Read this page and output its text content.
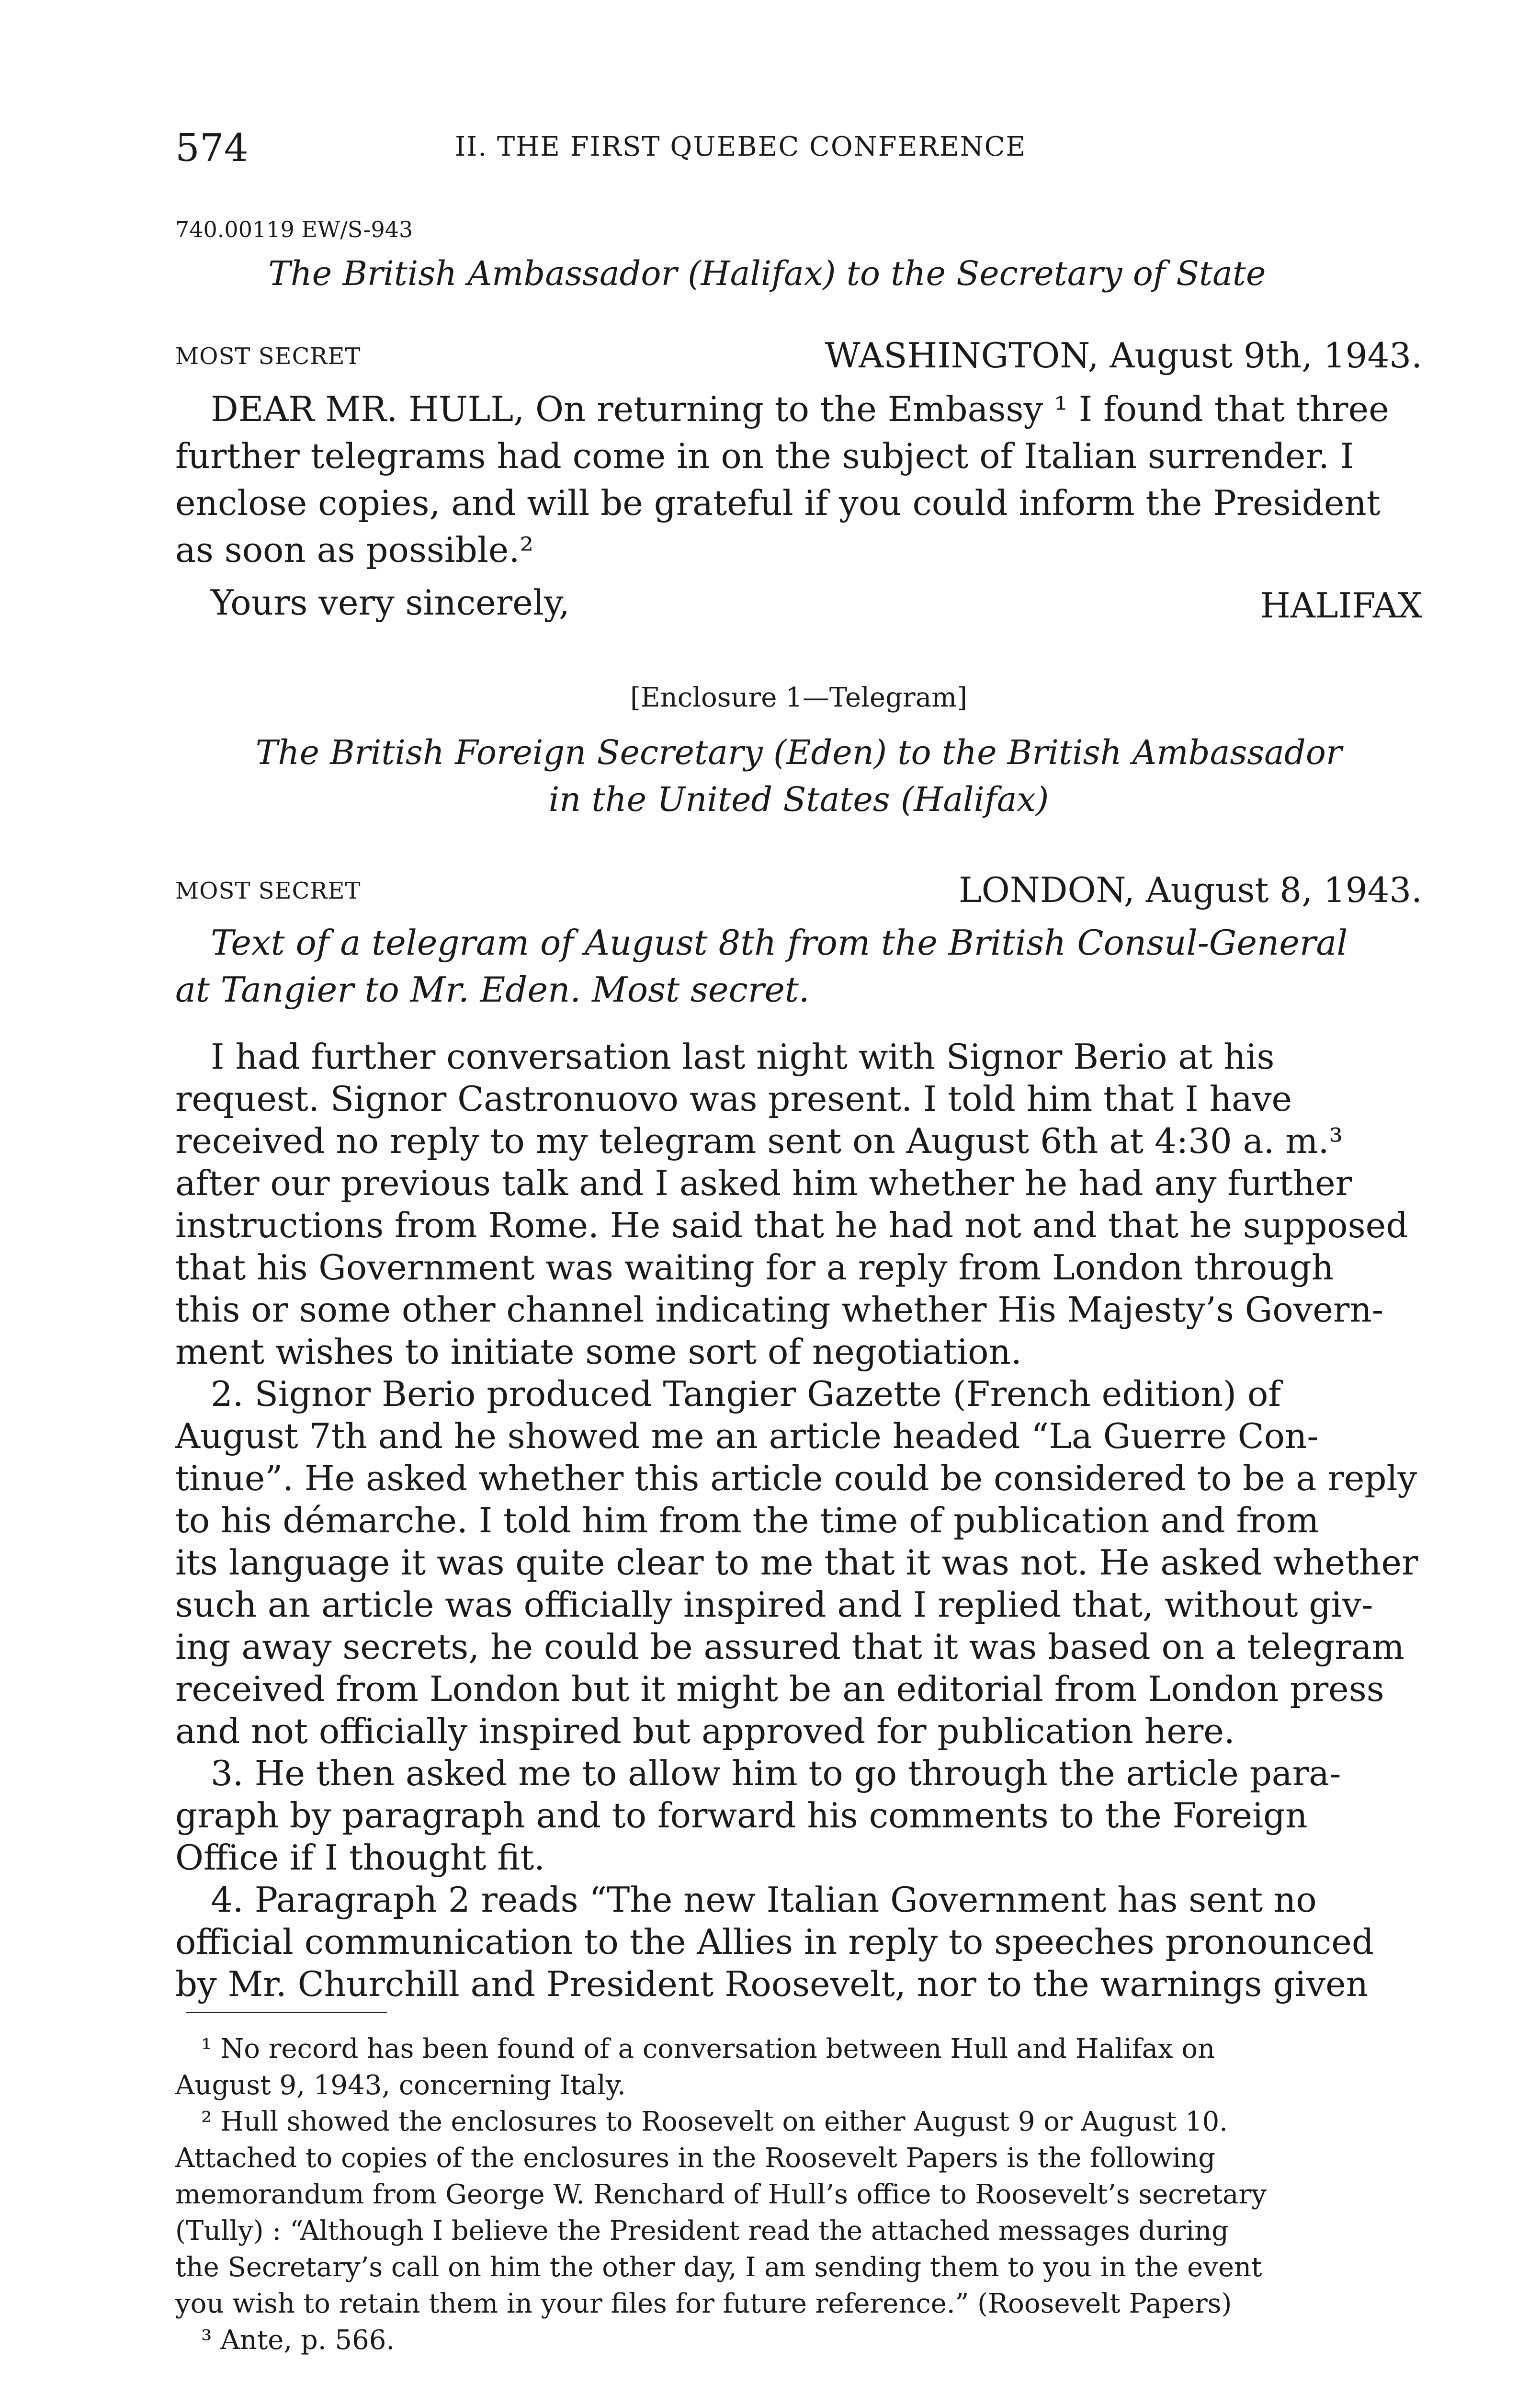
574	II. THE FIRST QUEBEC CONFERENCE
740.00119 EW/S-943
The British Ambassador (Halifax) to the Secretary of State
MOST SECRET	WASHINGTON, August 9th, 1943.
DEAR MR. HULL, On returning to the Embassy ¹ I found that three
further telegrams had come in on the subject of Italian surrender. I
enclose copies, and will be grateful if you could inform the President
as soon as possible.²
Yours very sincerely,	HALIFAX
[Enclosure 1—Telegram]
The British Foreign Secretary (Eden) to the British Ambassador
in the United States (Halifax)
MOST SECRET	LONDON, August 8, 1943.
Text of a telegram of August 8th from the British Consul-General
at Tangier to Mr. Eden. Most secret.
I had further conversation last night with Signor Berio at his
request. Signor Castronuovo was present. I told him that I have
received no reply to my telegram sent on August 6th at 4:30 a. m.³
after our previous talk and I asked him whether he had any further
instructions from Rome. He said that he had not and that he supposed
that his Government was waiting for a reply from London through
this or some other channel indicating whether His Majesty’s Govern-
ment wishes to initiate some sort of negotiation.
2. Signor Berio produced Tangier Gazette (French edition) of
August 7th and he showed me an article headed “La Guerre Con-
tinue”. He asked whether this article could be considered to be a reply
to his démarche. I told him from the time of publication and from
its language it was quite clear to me that it was not. He asked whether
such an article was officially inspired and I replied that, without giv-
ing away secrets, he could be assured that it was based on a telegram
received from London but it might be an editorial from London press
and not officially inspired but approved for publication here.
3. He then asked me to allow him to go through the article para-
graph by paragraph and to forward his comments to the Foreign
Office if I thought fit.
4. Paragraph 2 reads “The new Italian Government has sent no
official communication to the Allies in reply to speeches pronounced
by Mr. Churchill and President Roosevelt, nor to the warnings given
¹ No record has been found of a conversation between Hull and Halifax on
August 9, 1943, concerning Italy.
² Hull showed the enclosures to Roosevelt on either August 9 or August 10.
Attached to copies of the enclosures in the Roosevelt Papers is the following
memorandum from George W. Renchard of Hull’s office to Roosevelt’s secretary
(Tully) : “Although I believe the President read the attached messages during
the Secretary’s call on him the other day, I am sending them to you in the event
you wish to retain them in your files for future reference.” (Roosevelt Papers)
³ Ante, p. 566.
